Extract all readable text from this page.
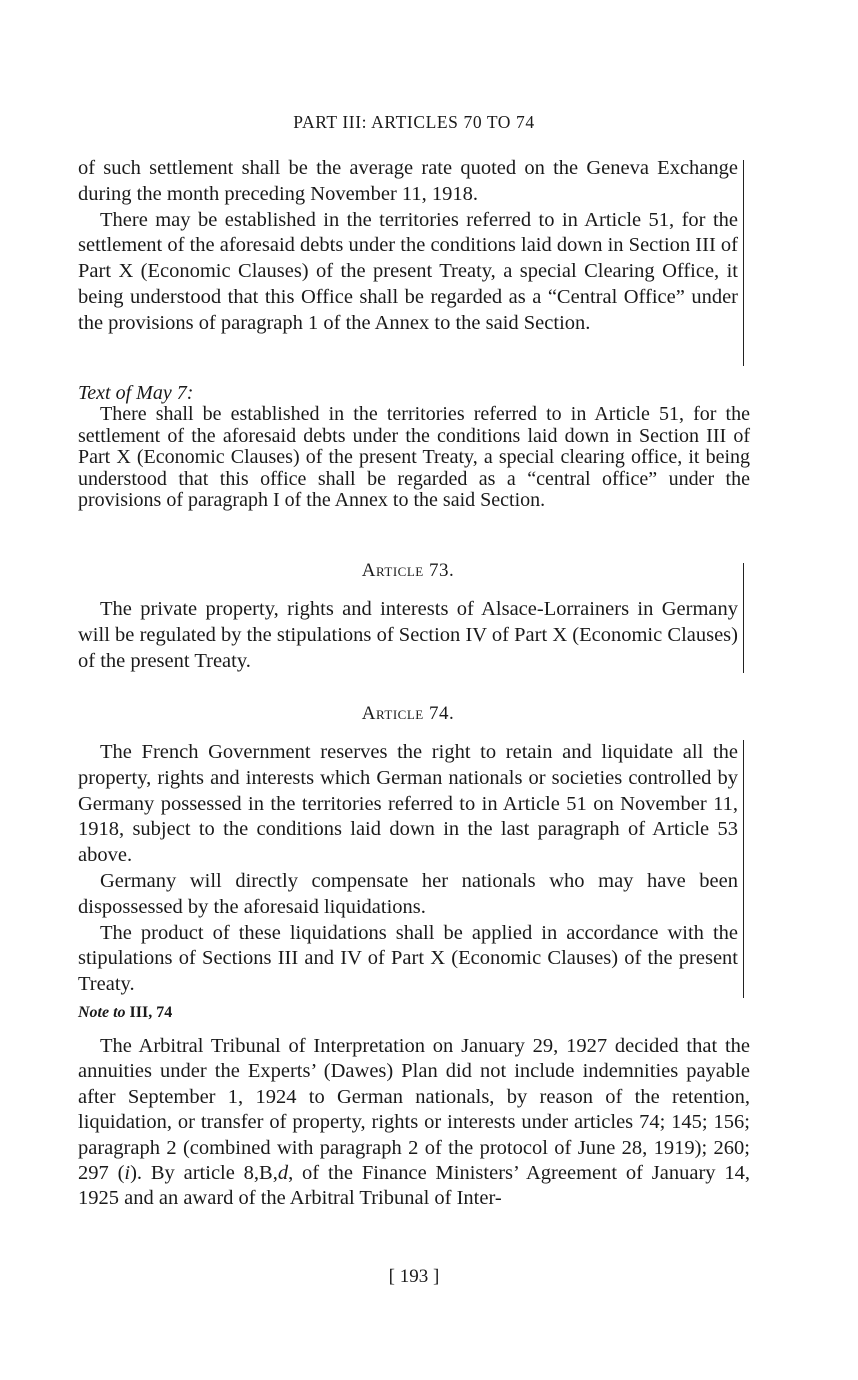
PART III: ARTICLES 70 TO 74

of such settlement shall be the average rate quoted on the Geneva Exchange during the month preceding November 11, 1918.

There may be established in the territories referred to in Article 51, for the settlement of the aforesaid debts under the conditions laid down in Section III of Part X (Economic Clauses) of the present Treaty, a special Clearing Office, it being understood that this Office shall be regarded as a “Central Office” under the provisions of paragraph 1 of the Annex to the said Section.

Text of May 7:

There shall be established in the territories referred to in Article 51, for the settlement of the aforesaid debts under the conditions laid down in Section III of Part X (Economic Clauses) of the present Treaty, a special clearing office, it being understood that this office shall be regarded as a “central office” under the provisions of paragraph I of the Annex to the said Section.

Article 73.

The private property, rights and interests of Alsace-Lorrainers in Germany will be regulated by the stipulations of Section IV of Part X (Economic Clauses) of the present Treaty.

Article 74.

The French Government reserves the right to retain and liquidate all the property, rights and interests which German nationals or societies controlled by Germany possessed in the territories referred to in Article 51 on November 11, 1918, subject to the conditions laid down in the last paragraph of Article 53 above.

Germany will directly compensate her nationals who may have been dispossessed by the aforesaid liquidations.

The product of these liquidations shall be applied in accordance with the stipulations of Sections III and IV of Part X (Economic Clauses) of the present Treaty.

Note to III, 74

The Arbitral Tribunal of Interpretation on January 29, 1927 decided that the annuities under the Experts’ (Dawes) Plan did not include indemnities payable after September 1, 1924 to German nationals, by reason of the retention, liquidation, or transfer of property, rights or interests under articles 74; 145; 156; paragraph 2 (combined with paragraph 2 of the protocol of June 28, 1919); 260; 297 (i). By article 8,B,d, of the Finance Ministers’ Agreement of January 14, 1925 and an award of the Arbitral Tribunal of Inter-

[ 193 ]
